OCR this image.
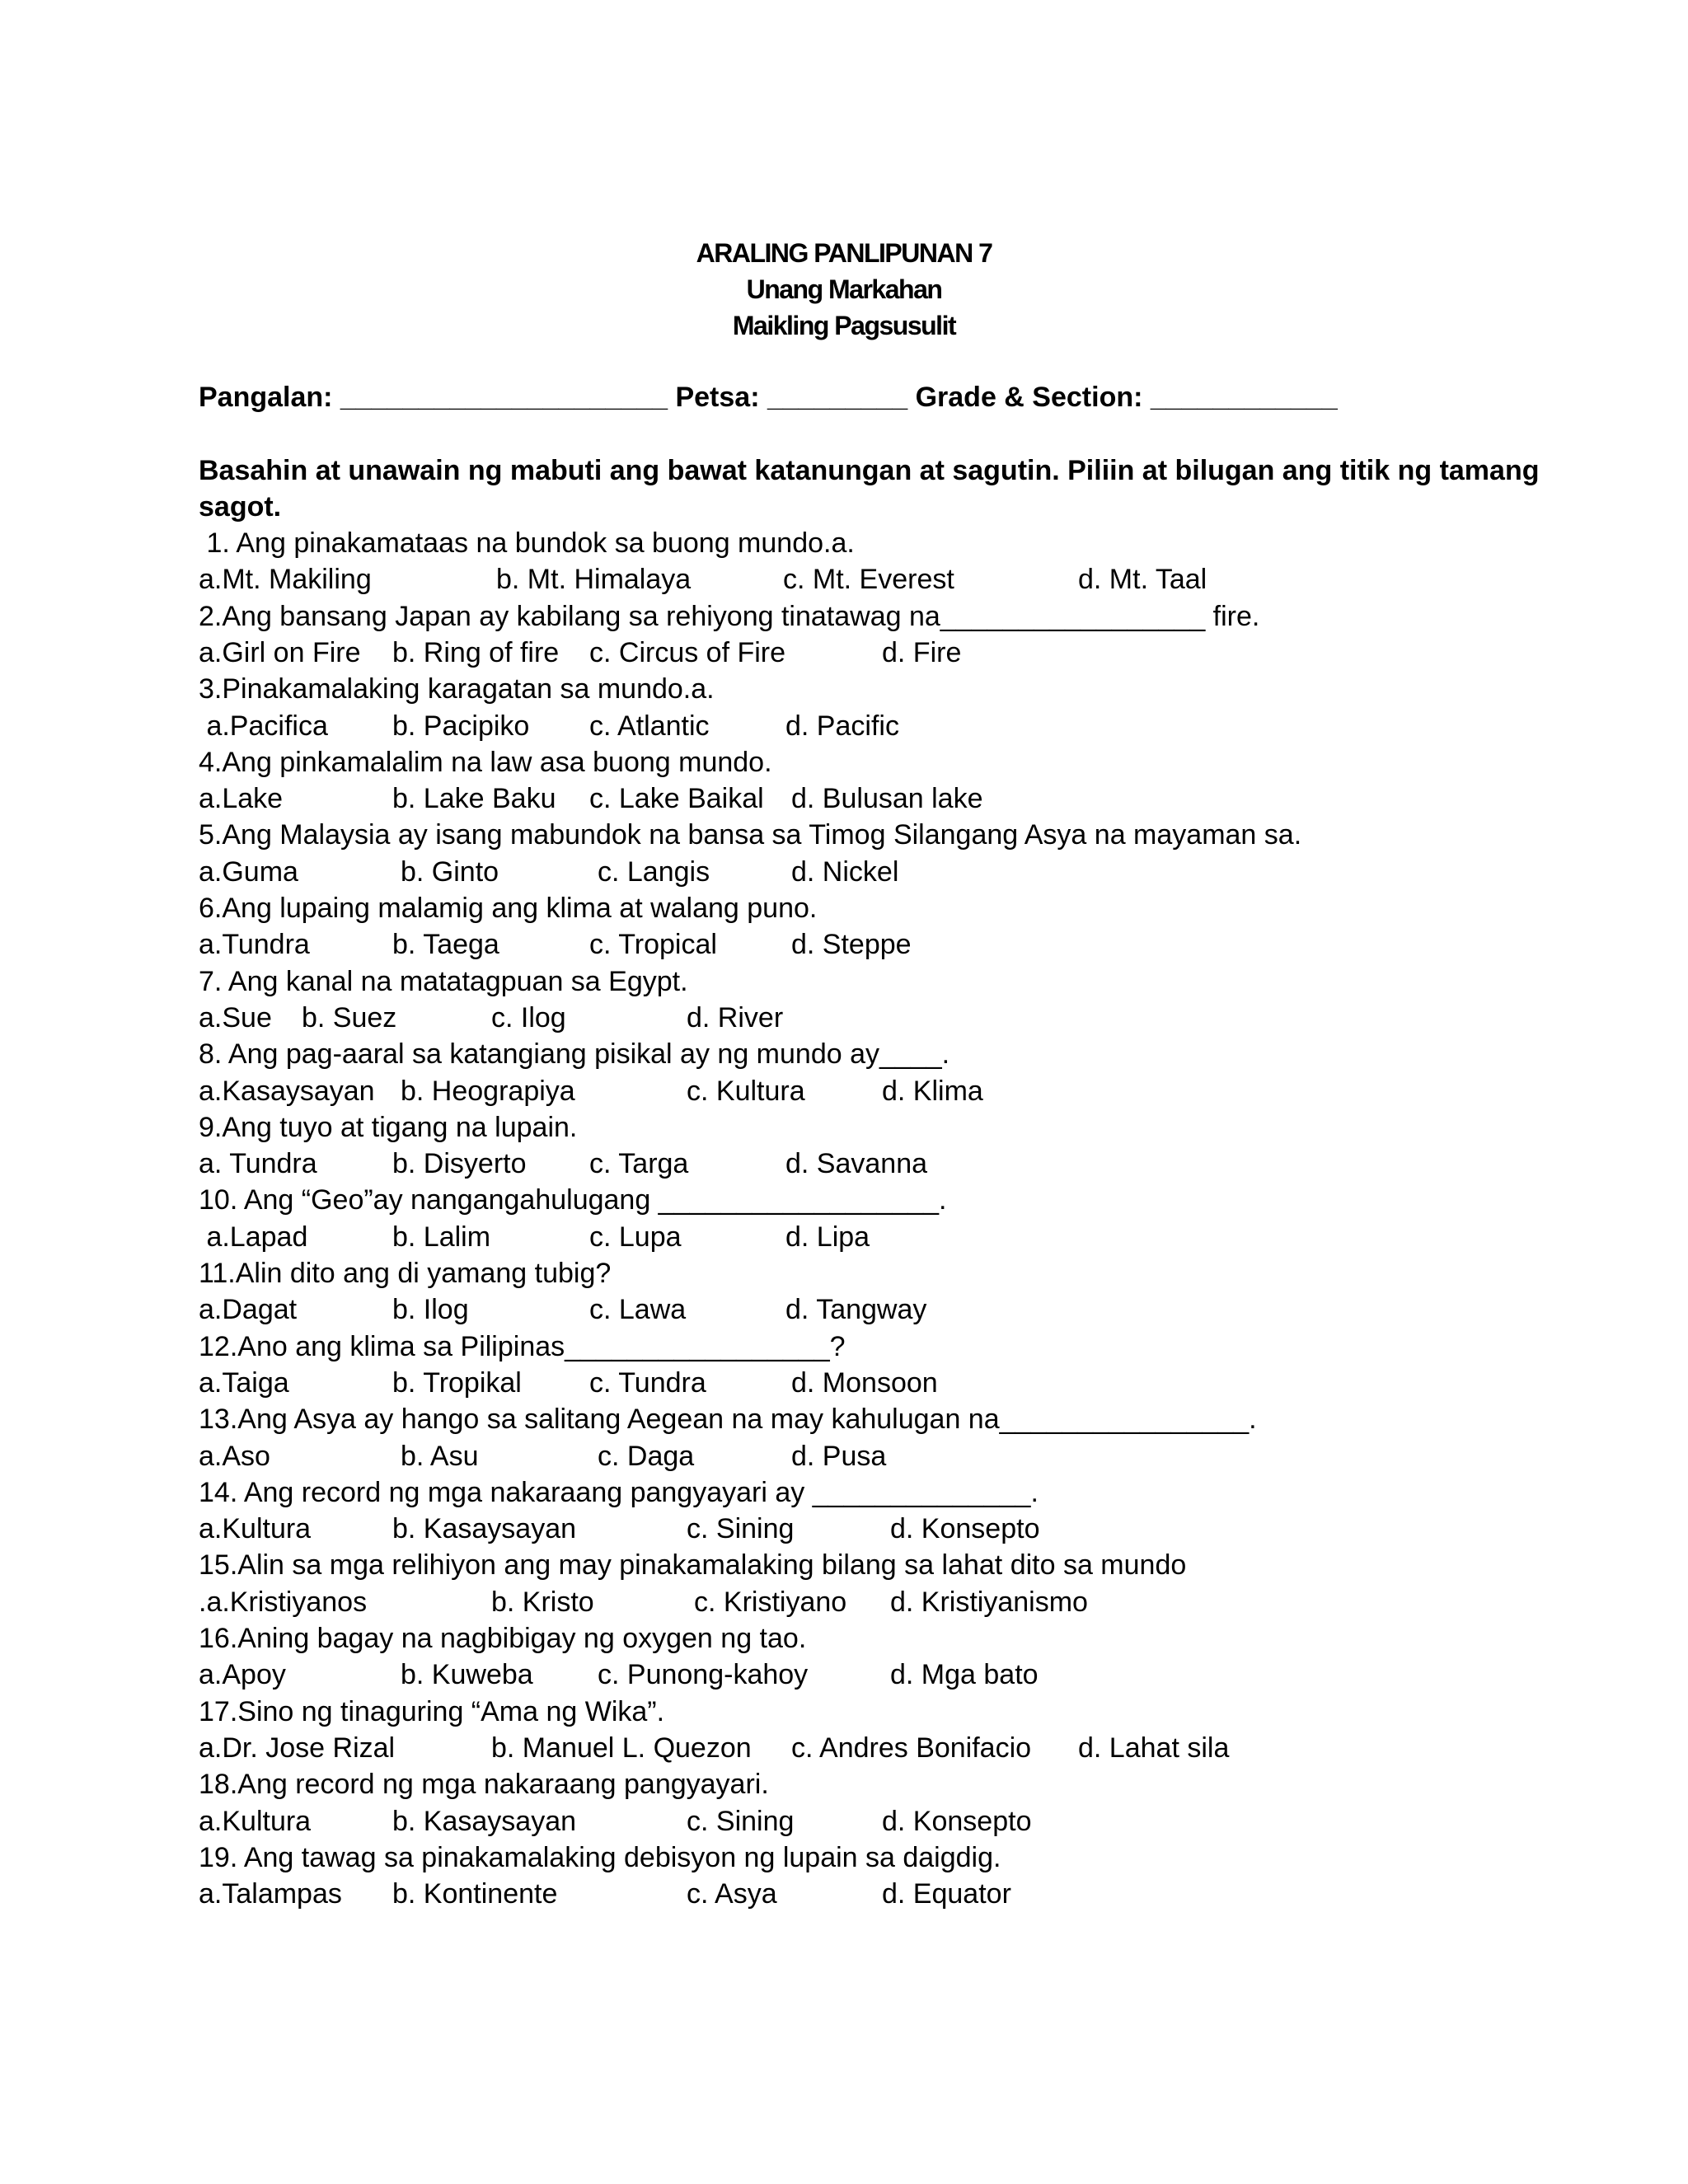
ARALING PANLIPUNAN 7
Unang Markahan
Maikling Pagsusulit
Pangalan: _____________________ Petsa: _________ Grade & Section: ____________
Basahin at unawain ng mabuti ang bawat katanungan at sagutin. Piliin at bilugan ang titik ng tamang
sagot.
1. Ang pinakamataas na bundok sa buong mundo.a.
a.Mt. Makiling	b. Mt. Himalaya	c. Mt. Everest	d. Mt. Taal
2.Ang bansang Japan ay kabilang sa rehiyong tinatawag na_________________ fire.
a.Girl on Fire b. Ring of fire c. Circus of Fire	d. Fire
3.Pinakamalaking karagatan sa mundo.a.
a.Pacifica b. Pacipiko c. Atlantic	d. Pacific
4.Ang pinkamalalim na law asa buong mundo.
a.Lake	b. Lake Baku c. Lake Baikal d. Bulusan lake
5.Ang Malaysia ay isang mabundok na bansa sa Timog Silangang Asya na mayaman sa.
a.Guma	b. Ginto	c. Langis	d. Nickel
6.Ang lupaing malamig ang klima at walang puno.
a.Tundra	b. Taega	c. Tropical	d. Steppe
7. Ang kanal na matatagpuan sa Egypt.
a.Sue b. Suez	c. Ilog	d. River
8. Ang pag-aaral sa katangiang pisikal ay ng mundo ay____.
a.Kasaysayan b. Heograpiya	c. Kultura	d. Klima
9.Ang tuyo at tigang na lupain.
a. Tundra	b. Disyerto c. Targa	d. Savanna
10. Ang “Geo”ay nangangahulugang __________________.
a.Lapad	b. Lalim	c. Lupa	d. Lipa
11.Alin dito ang di yamang tubig?
a.Dagat	b. Ilog	c. Lawa	d. Tangway
12.Ano ang klima sa Pilipinas_________________?
a.Taiga	b. Tropikal c. Tundra	d. Monsoon
13.Ang Asya ay hango sa salitang Aegean na may kahulugan na________________.
a.Aso	b. Asu	c. Daga	d. Pusa
14. Ang record ng mga nakaraang pangyayari ay ______________.
a.Kultura	b. Kasaysayan	c. Sining	d. Konsepto
15.Alin sa mga relihiyon ang may pinakamalaking bilang sa lahat dito sa mundo
.a.Kristiyanos	b. Kristo	c. Kristiyano d. Kristiyanismo
16.Aning bagay na nagbibigay ng oxygen ng tao.
a.Apoy	b. Kuweba c. Punong-kahoy	d. Mga bato
17.Sino ng tinaguring “Ama ng Wika”.
a.Dr. Jose Rizal	b. Manuel L. Quezon c. Andres Bonifacio d. Lahat sila
18.Ang record ng mga nakaraang pangyayari.
a.Kultura	b. Kasaysayan	c. Sining	d. Konsepto
19. Ang tawag sa pinakamalaking debisyon ng lupain sa daigdig.
a.Talampas b. Kontinente	c. Asya	d. Equator
